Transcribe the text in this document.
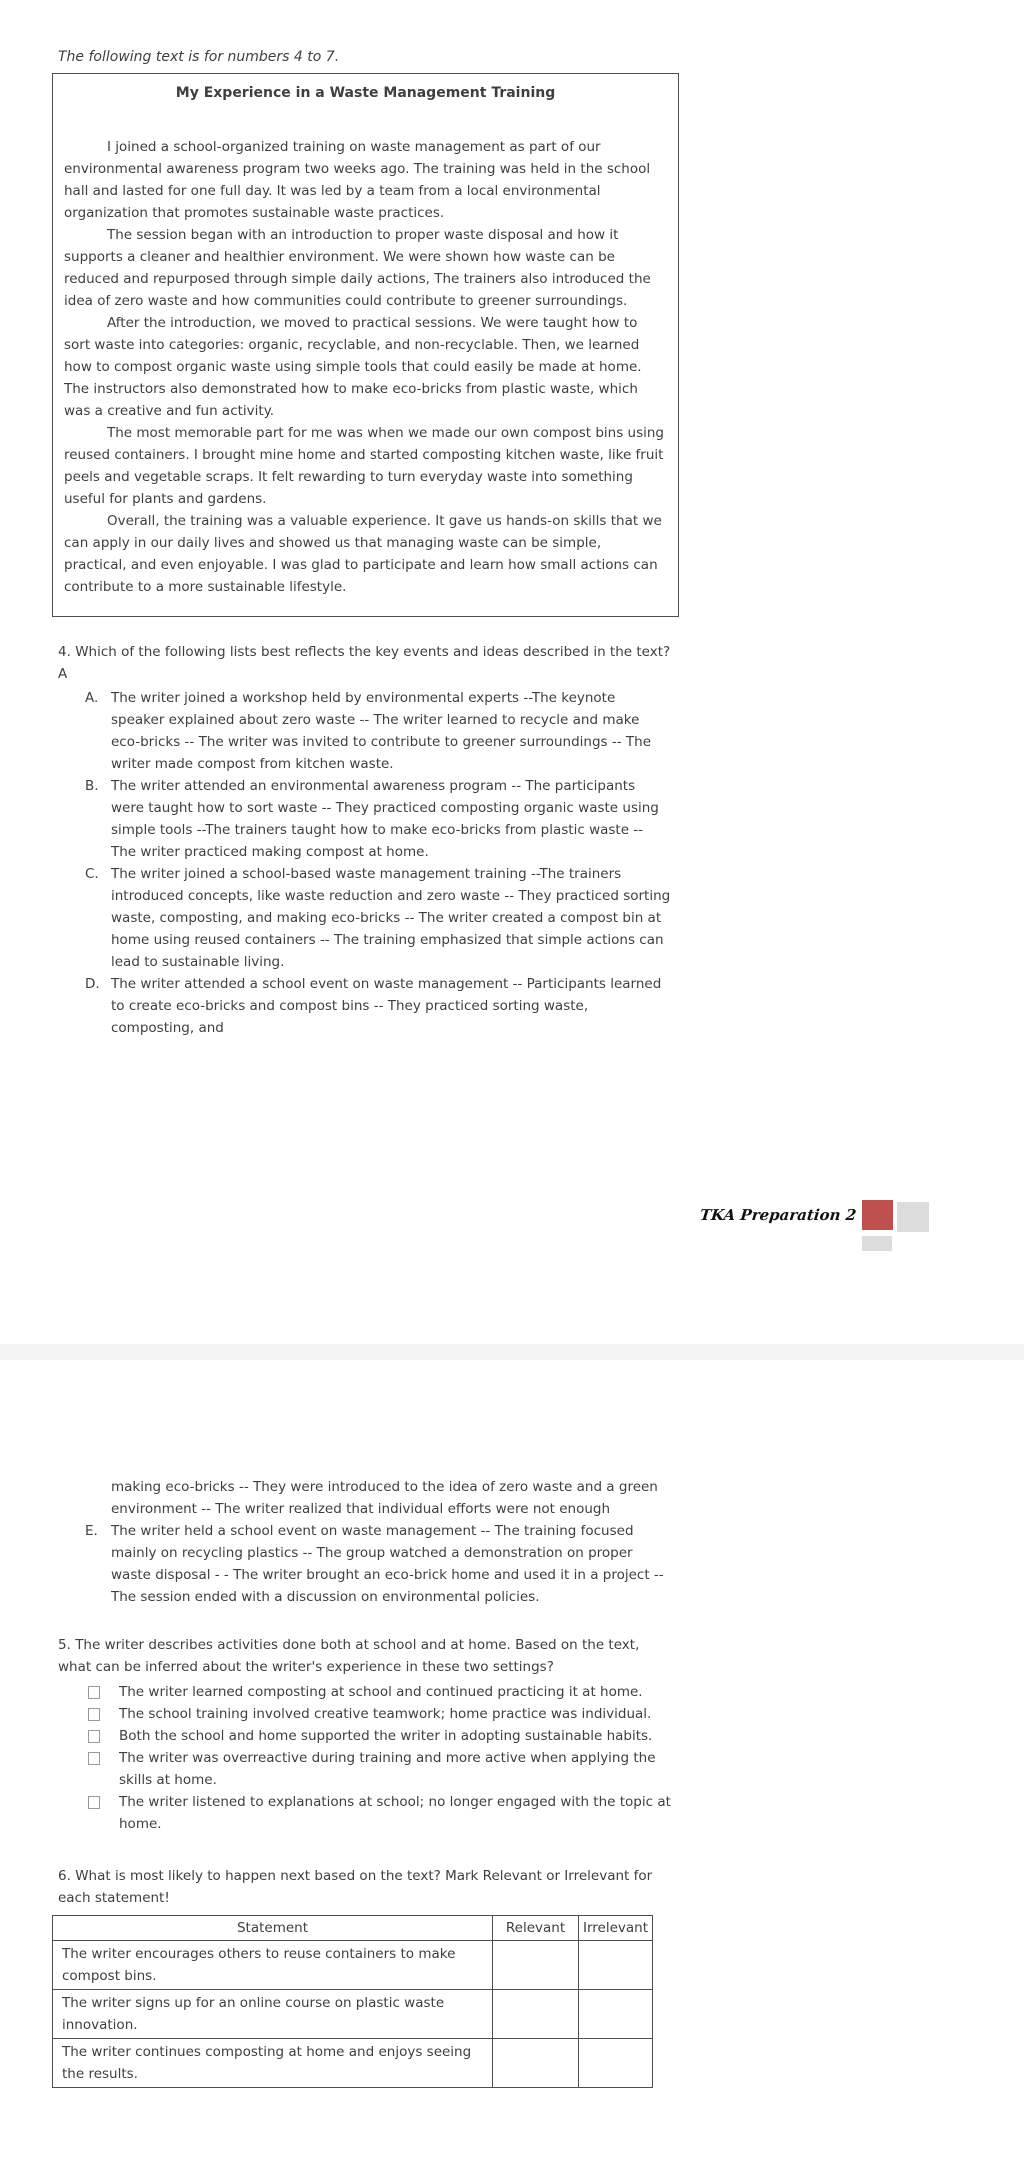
The following text is for numbers 4 to 7.
My Experience in a Waste Management Training

I joined a school-organized training on waste management as part of our environmental awareness program two weeks ago. The training was held in the school hall and lasted for one full day. It was led by a team from a local environmental organization that promotes sustainable waste practices.

The session began with an introduction to proper waste disposal and how it supports a cleaner and healthier environment. We were shown how waste can be reduced and repurposed through simple daily actions, The trainers also introduced the idea of zero waste and how communities could contribute to greener surroundings.

After the introduction, we moved to practical sessions. We were taught how to sort waste into categories: organic, recyclable, and non-recyclable. Then, we learned how to compost organic waste using simple tools that could easily be made at home. The instructors also demonstrated how to make eco-bricks from plastic waste, which was a creative and fun activity.

The most memorable part for me was when we made our own compost bins using reused containers. I brought mine home and started composting kitchen waste, like fruit peels and vegetable scraps. It felt rewarding to turn everyday waste into something useful for plants and gardens.

Overall, the training was a valuable experience. It gave us hands-on skills that we can apply in our daily lives and showed us that managing waste can be simple, practical, and even enjoyable. I was glad to participate and learn how small actions can contribute to a more sustainable lifestyle.

4. Which of the following lists best reflects the key events and ideas described in the text? A
A. The writer joined a workshop held by environmental experts --The keynote speaker explained about zero waste -- The writer learned to recycle and make eco-bricks -- The writer was invited to contribute to greener surroundings -- The writer made compost from kitchen waste.
B. The writer attended an environmental awareness program -- The participants were taught how to sort waste -- They practiced composting organic waste using simple tools --The trainers taught how to make eco-bricks from plastic waste -- The writer practiced making compost at home.
C. The writer joined a school-based waste management training --The trainers introduced concepts, like waste reduction and zero waste -- They practiced sorting waste, composting, and making eco-bricks -- The writer created a compost bin at home using reused containers -- The training emphasized that simple actions can lead to sustainable living.
D. The writer attended a school event on waste management -- Participants learned to create eco-bricks and compost bins -- They practiced sorting waste, composting, and
TKA Preparation 2
making eco-bricks -- They were introduced to the idea of zero waste and a green environment -- The writer realized that individual efforts were not enough
E. The writer held a school event on waste management -- The training focused mainly on recycling plastics -- The group watched a demonstration on proper waste disposal - - The writer brought an eco-brick home and used it in a project -- The session ended with a discussion on environmental policies.
5. The writer describes activities done both at school and at home. Based on the text, what can be inferred about the writer's experience in these two settings?
The writer learned composting at school and continued practicing it at home.
The school training involved creative teamwork; home practice was individual.
Both the school and home supported the writer in adopting sustainable habits.
The writer was overreactive during training and more active when applying the skills at home.
The writer listened to explanations at school; no longer engaged with the topic at home.
6. What is most likely to happen next based on the text? Mark Relevant or Irrelevant for each statement!
Statement	Relevant	Irrelevant
The writer encourages others to reuse containers to make compost bins.		
The writer signs up for an online course on plastic waste innovation.		
The writer continues composting at home and enjoys seeing the results.		
